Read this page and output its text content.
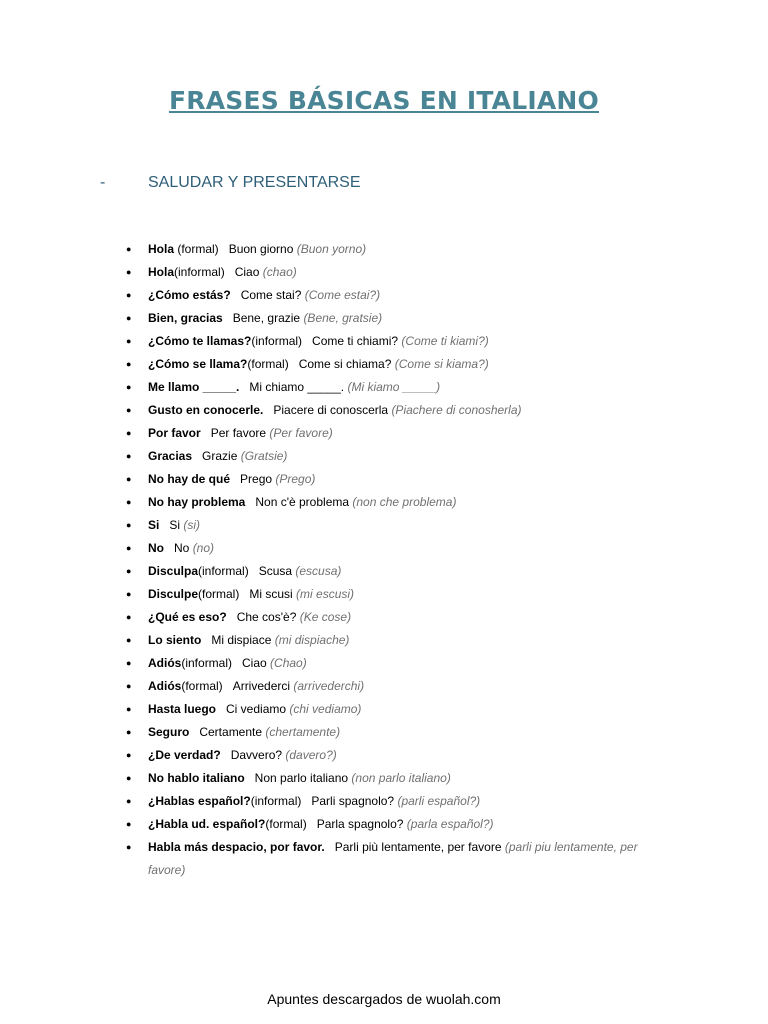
FRASES BÁSICAS EN ITALIANO
-	SALUDAR Y PRESENTARSE
● Hola (formal) Buon giorno (Buon yorno)
● Hola(informal) Ciao (chao)
● ¿Cómo estás? Come stai? (Come estai?)
● Bien, gracias Bene, grazie (Bene, gratsie)
● ¿Cómo te llamas?(informal) Come ti chiami? (Come ti kiami?)
● ¿Cómo se llama?(formal) Come si chiama? (Come si kiama?)
● Me llamo _____. Mi chiamo _____. (Mi kiamo _____)
● Gusto en conocerle. Piacere di conoscerla (Piachere di conosherla)
● Por favor Per favore (Per favore)
● Gracias Grazie (Gratsie)
● No hay de qué Prego (Prego)
● No hay problema Non c'è problema (non che problema)
● Si Si (si)
● No No (no)
● Disculpa(informal) Scusa (escusa)
● Disculpe(formal) Mi scusi (mi escusi)
● ¿Qué es eso? Che cos'è? (Ke cose)
● Lo siento Mi dispiace (mi dispiache)
● Adiós(informal) Ciao (Chao)
● Adiós(formal) Arrivederci (arrivederchi)
● Hasta luego Ci vediamo (chi vediamo)
● Seguro Certamente (chertamente)
● ¿De verdad? Davvero? (davero?)
● No hablo italiano Non parlo italiano (non parlo italiano)
● ¿Hablas español?(informal) Parli spagnolo? (parli español?)
● ¿Habla ud. español?(formal) Parla spagnolo? (parla español?)
● Habla más despacio, por favor. Parli più lentamente, per favore (parli piu lentamente, per favore)
Apuntes descargados de wuolah.com
